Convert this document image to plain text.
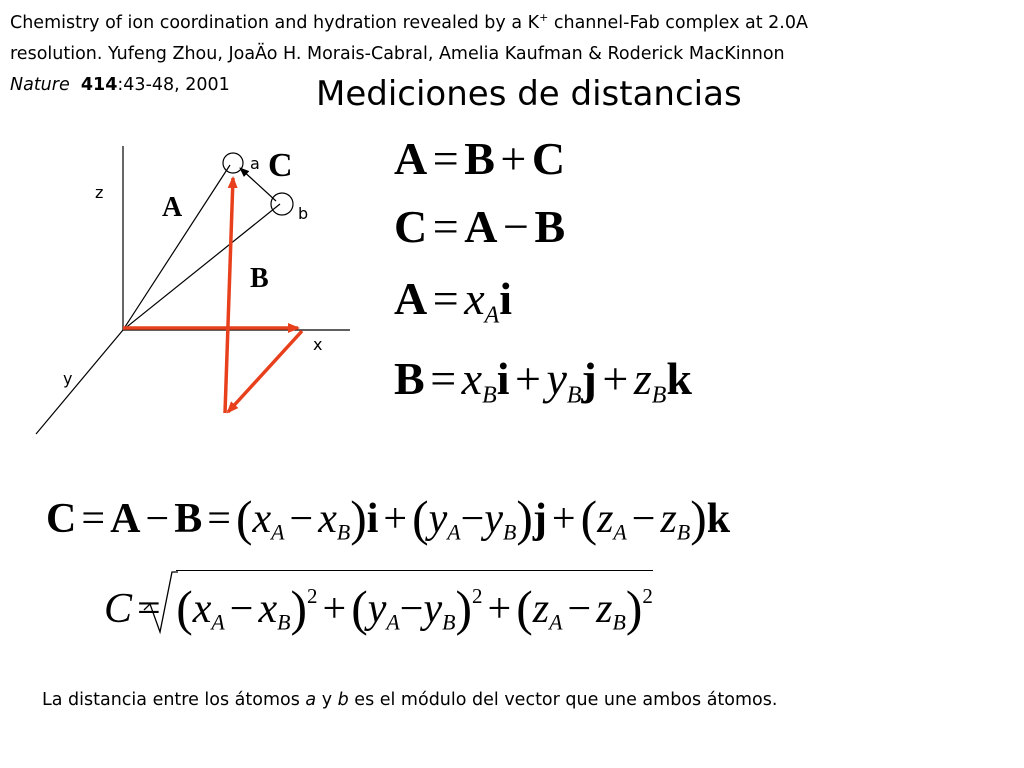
Chemistry of ion coordination and hydration revealed by a K+ channel-Fab complex at 2.0A
resolution. Yufeng Zhou, JoaÄo H. Morais-Cabral, Amelia Kaufman & Roderick MacKinnon
Nature 414:43-48, 2001	Mediciones de distancias
z
x
y
a
b
A
B
C A = B + C
C = A − B
$A = x_Ai$
$B = x_Bi + y_Bj + z_Bk$
$C = A - B = (x_A - x_B)i + (y_A-y_B)j + (z_A - z_B)k$
$C = (x_A - x_B)^2 + (y_A-y_B)^2 + (z_A - z_B)^2$
La distancia entre los átomos a y b es el módulo del vector que une ambos átomos.
